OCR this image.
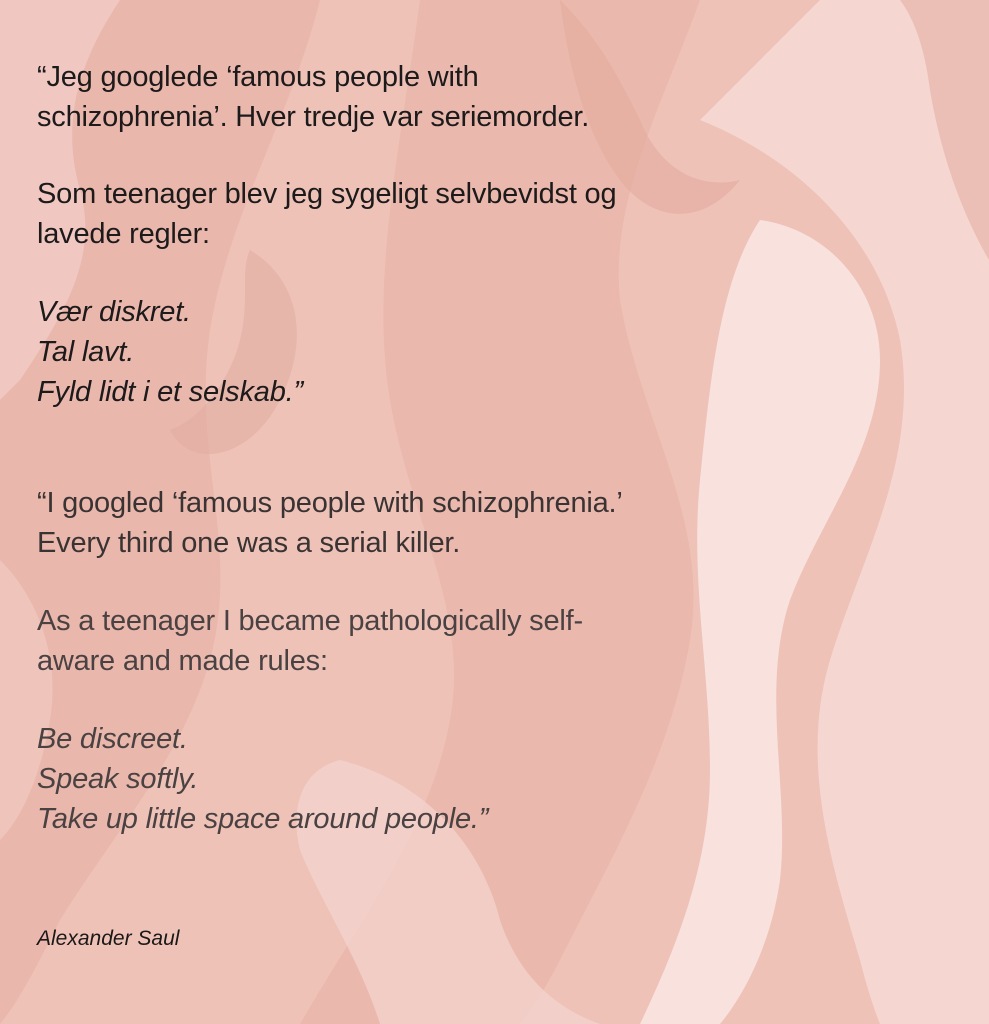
“Jeg googlede ‘famous people with
schizophrenia’. Hver tredje var seriemorder.

Som teenager blev jeg sygeligt selvbevidst og
lavede regler:

Vær diskret.
Tal lavt.
Fyld lidt i et selskab.”

“I googled ‘famous people with schizophrenia.’
Every third one was a serial killer.

As a teenager I became pathologically self-
aware and made rules:

Be discreet.
Speak softly.
Take up little space around people.”

Alexander Saul
